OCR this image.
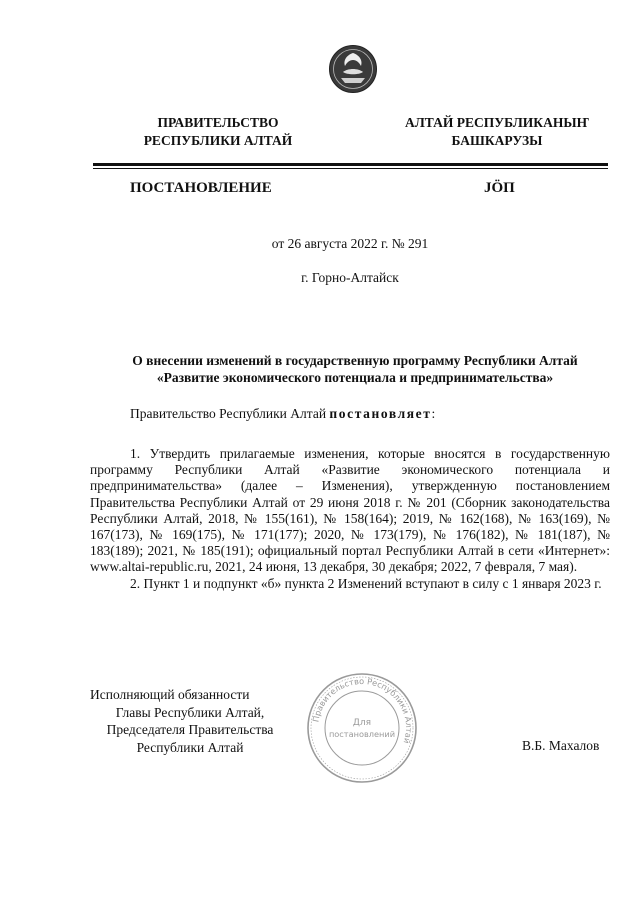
ПРАВИТЕЛЬСТВО
РЕСПУБЛИКИ АЛТАЙ
АЛТАЙ РЕСПУБЛИКАНЫҤ
БАШКАРУЗЫ
ПОСТАНОВЛЕНИЕ	JӦП
от 26 августа 2022 г. № 291
г. Горно-Алтайск
О внесении изменений в государственную программу Республики Алтай
«Развитие экономического потенциала и предпринимательства»
Правительство Республики Алтай постановляет:

1. Утвердить прилагаемые изменения, которые вносятся в государственную программу Республики Алтай «Развитие экономического потенциала и предпринимательства» (далее – Изменения), утвержденную постановлением Правительства Республики Алтай от 29 июня 2018 г. № 201 (Сборник законодательства Республики Алтай, 2018, № 155(161), № 158(164); 2019, № 162(168), № 163(169), № 167(173), № 169(175), № 171(177); 2020, № 173(179), № 176(182), № 181(187), № 183(189); 2021, № 185(191); официальный портал Республики Алтай в сети «Интернет»: www.altai-republic.ru, 2021, 24 июня, 13 декабря, 30 декабря; 2022, 7 февраля, 7 мая).

2. Пункт 1 и подпункт «б» пункта 2 Изменений вступают в силу с 1 января 2023 г.

Исполняющий обязанности
Главы Республики Алтай,
Председателя Правительства
Республики Алтай
Правительство Республики Алтай
Для
постановлений
В.Б. Махалов
